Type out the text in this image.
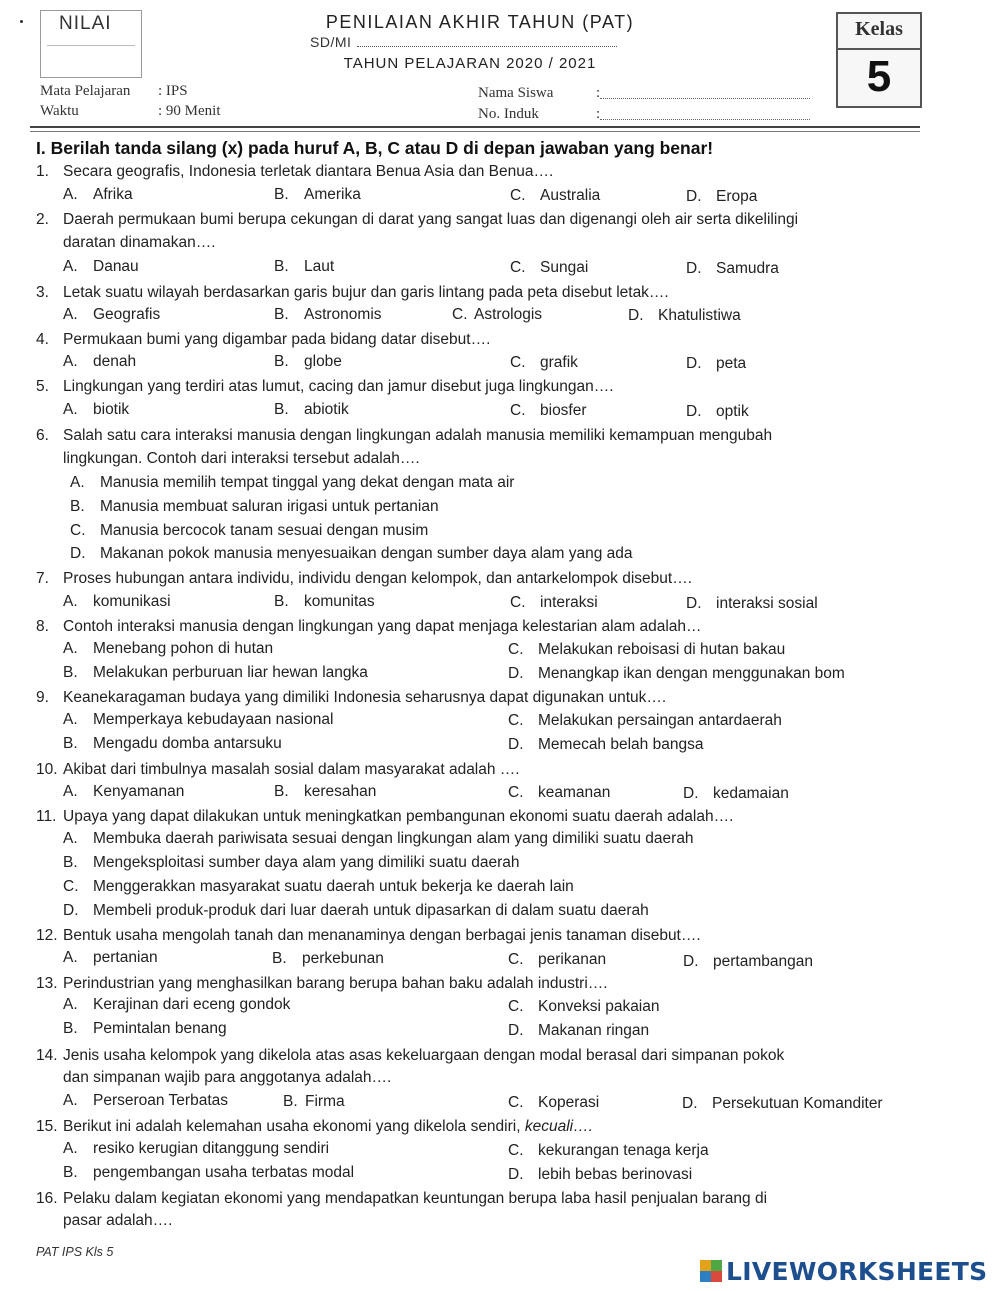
NILAI	PENILAIAN AKHIR TAHUN (PAT)
SD/MI
TAHUN PELAJARAN 2020 / 2021
Kelas
5
Mata Pelajaran : IPS
Waktu	: 90 Menit
Nama Siswa	:
No. Induk	:
I. Berilah tanda silang (x) pada huruf A, B, C atau D di depan jawaban yang benar!
1. Secara geografis, Indonesia terletak diantara Benua Asia dan Benua….
A. Afrika	B. Amerika	C. Australia	D. Eropa
2. Daerah permukaan bumi berupa cekungan di darat yang sangat luas dan digenangi oleh air serta dikelilingi
daratan dinamakan….
A. Danau	B. Laut	C. Sungai	D. Samudra
3. Letak suatu wilayah berdasarkan garis bujur dan garis lintang pada peta disebut letak….
A. Geografis	B. Astronomis	C. Astrologis	D. Khatulistiwa
4. Permukaan bumi yang digambar pada bidang datar disebut….
A. denah	B. globe	C. grafik	D. peta
5. Lingkungan yang terdiri atas lumut, cacing dan jamur disebut juga lingkungan….
A. biotik	B. abiotik	C. biosfer	D. optik
6. Salah satu cara interaksi manusia dengan lingkungan adalah manusia memiliki kemampuan mengubah
lingkungan. Contoh dari interaksi tersebut adalah….
A. Manusia memilih tempat tinggal yang dekat dengan mata air
B. Manusia membuat saluran irigasi untuk pertanian
C. Manusia bercocok tanam sesuai dengan musim
D. Makanan pokok manusia menyesuaikan dengan sumber daya alam yang ada
7. Proses hubungan antara individu, individu dengan kelompok, dan antarkelompok disebut….
A. komunikasi	B. komunitas	C. interaksi	D. interaksi sosial
8. Contoh interaksi manusia dengan lingkungan yang dapat menjaga kelestarian alam adalah…
A. Menebang pohon di hutan
B. Melakukan perburuan liar hewan langka
C. Melakukan reboisasi di hutan bakau
D. Menangkap ikan dengan menggunakan bom
9. Keanekaragaman budaya yang dimiliki Indonesia seharusnya dapat digunakan untuk….
A. Memperkaya kebudayaan nasional
B. Mengadu domba antarsuku
C. Melakukan persaingan antardaerah
D. Memecah belah bangsa
10. Akibat dari timbulnya masalah sosial dalam masyarakat adalah ….
A. Kenyamanan	B. keresahan	C. keamanan	D. kedamaian
11. Upaya yang dapat dilakukan untuk meningkatkan pembangunan ekonomi suatu daerah adalah….
A. Membuka daerah pariwisata sesuai dengan lingkungan alam yang dimiliki suatu daerah
B. Mengeksploitasi sumber daya alam yang dimiliki suatu daerah
C. Menggerakkan masyarakat suatu daerah untuk bekerja ke daerah lain
D. Membeli produk-produk dari luar daerah untuk dipasarkan di dalam suatu daerah
12. Bentuk usaha mengolah tanah dan menanaminya dengan berbagai jenis tanaman disebut….
A. pertanian	B. perkebunan	C. perikanan	D. pertambangan
13. Perindustrian yang menghasilkan barang berupa bahan baku adalah industri….
A. Kerajinan dari eceng gondok
B. Pemintalan benang
C. Konveksi pakaian
D. Makanan ringan
14. Jenis usaha kelompok yang dikelola atas asas kekeluargaan dengan modal berasal dari simpanan pokok
dan simpanan wajib para anggotanya adalah….
A. Perseroan Terbatas	B. Firma	C. Koperasi	D. Persekutuan Komanditer
15. Berikut ini adalah kelemahan usaha ekonomi yang dikelola sendiri, kecuali….
A. resiko kerugian ditanggung sendiri
B. pengembangan usaha terbatas modal
C. kekurangan tenaga kerja
D. lebih bebas berinovasi
16. Pelaku dalam kegiatan ekonomi yang mendapatkan keuntungan berupa laba hasil penjualan barang di
pasar adalah….
PAT IPS Kls 5
LIVEWORKSHEETS
